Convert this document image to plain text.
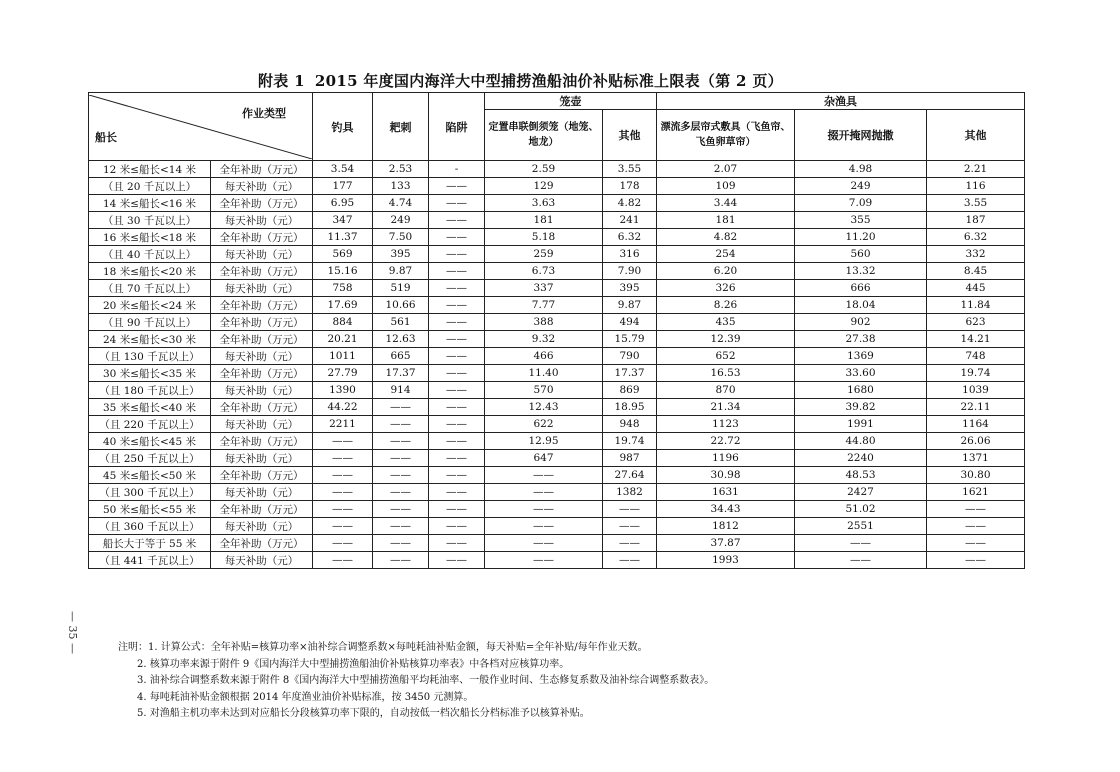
附表 1 2015 年度国内海洋大中型捕捞渔船油价补贴标准上限表（第 2 页）
作业类型
船长		钓具	耙刺	陷阱	笼壶		杂渔具		
					定置串联倒须笼（地笼、地龙）	其他	漂流多层帘式敷具（飞鱼帘、飞鱼卵草帘）	掇开掩网抛撒	其他
12 米≤船长<14 米	全年补助（万元）	3.54	2.53	-	2.59	3.55	2.07	4.98	2.21
（且 20 千瓦以上）	每天补助（元）	177	133	——	129	178	109	249	116
14 米≤船长<16 米	全年补助（万元）	6.95	4.74	——	3.63	4.82	3.44	7.09	3.55
（且 30 千瓦以上）	每天补助（元）	347	249	——	181	241	181	355	187
16 米≤船长<18 米	全年补助（万元）	11.37	7.50	——	5.18	6.32	4.82	11.20	6.32
（且 40 千瓦以上）	每天补助（元）	569	395	——	259	316	254	560	332
18 米≤船长<20 米	全年补助（万元）	15.16	9.87	——	6.73	7.90	6.20	13.32	8.45
（且 70 千瓦以上）	每天补助（元）	758	519	——	337	395	326	666	445
20 米≤船长<24 米	全年补助（万元）	17.69	10.66	——	7.77	9.87	8.26	18.04	11.84
（且 90 千瓦以上）	全年补助（万元）	884	561	——	388	494	435	902	623
24 米≤船长<30 米	全年补助（万元）	20.21	12.63	——	9.32	15.79	12.39	27.38	14.21
（且 130 千瓦以上）	每天补助（元）	1011	665	——	466	790	652	1369	748
30 米≤船长<35 米	全年补助（万元）	27.79	17.37	——	11.40	17.37	16.53	33.60	19.74
（且 180 千瓦以上）	每天补助（元）	1390	914	——	570	869	870	1680	1039
35 米≤船长<40 米	全年补助（万元）	44.22	——	——	12.43	18.95	21.34	39.82	22.11
（且 220 千瓦以上）	每天补助（元）	2211	——	——	622	948	1123	1991	1164
40 米≤船长<45 米	全年补助（万元）	——	——	——	12.95	19.74	22.72	44.80	26.06
（且 250 千瓦以上）	每天补助（元）	——	——	——	647	987	1196	2240	1371
45 米≤船长<50 米	全年补助（万元）	——	——	——	——	27.64	30.98	48.53	30.80
（且 300 千瓦以上）	每天补助（元）	——	——	——	——	1382	1631	2427	1621
50 米≤船长<55 米	全年补助（万元）	——	——	——	——	——	34.43	51.02	——
（且 360 千瓦以上）	每天补助（元）	——	——	——	——	——	1812	2551	——
船长大于等于 55 米	全年补助（万元）	——	——	——	——	——	37.87	——	——
（且 441 千瓦以上）	每天补助（元）	——	——	——	——	——	1993	——	——
— 35 —	注明：1. 计算公式：全年补贴=核算功率×油补综合调整系数×每吨耗油补贴金额，每天补贴=全年补贴/每年作业天数。
2. 核算功率来源于附件 9《国内海洋大中型捕捞渔船油价补贴核算功率表》中各档对应核算功率。
3. 油补综合调整系数来源于附件 8《国内海洋大中型捕捞渔船平均耗油率、一般作业时间、生态修复系数及油补综合调整系数表》。
4. 每吨耗油补贴金额根据 2014 年度渔业油价补贴标准，按 3450 元测算。
5. 对渔船主机功率未达到对应船长分段核算功率下限的，自动按低一档次船长分档标准予以核算补贴。
